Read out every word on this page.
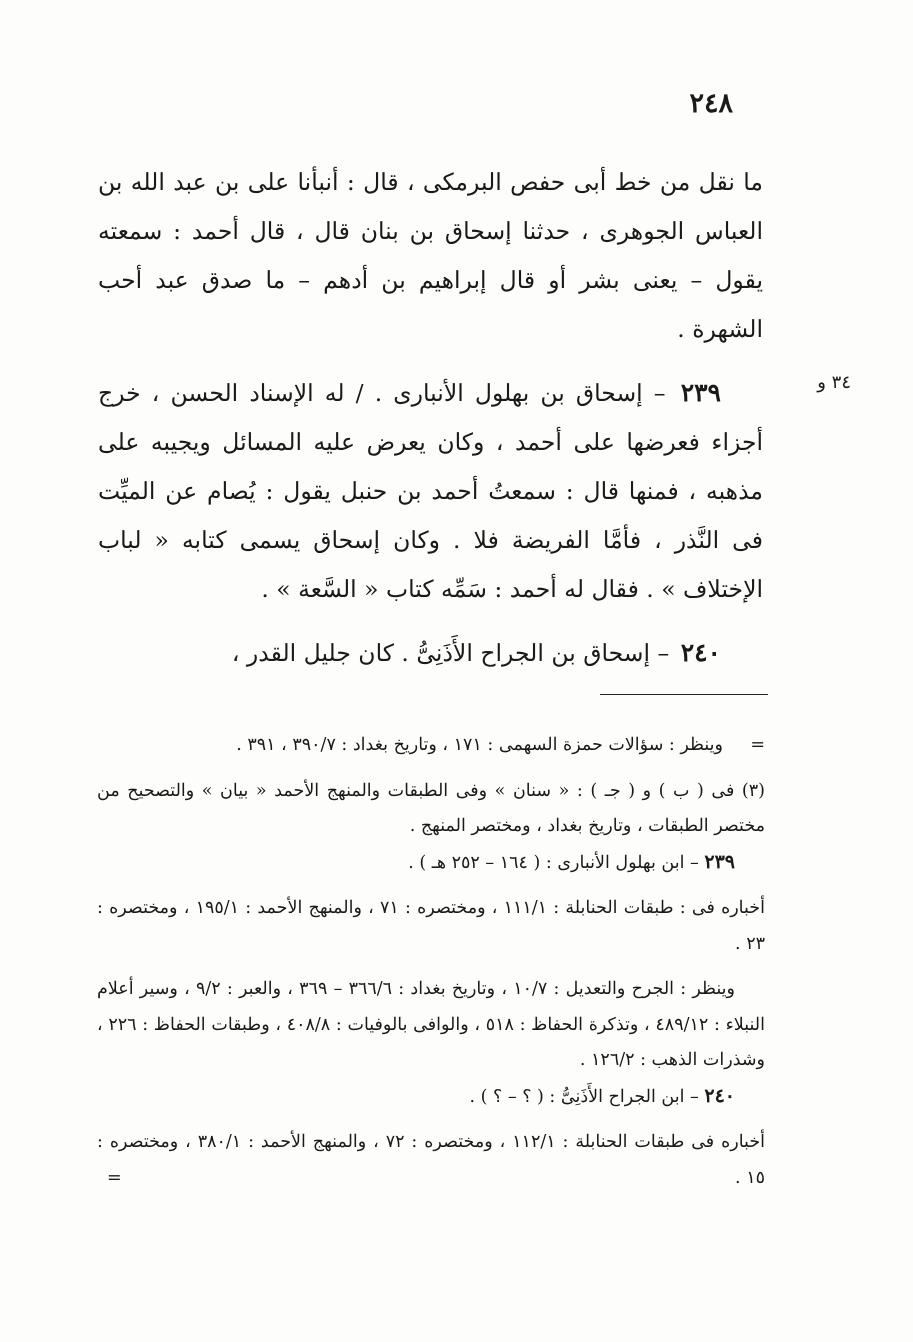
٢٤٨
٣٤ و

ما نقل من خط أبى حفص البرمكى ، قال : أنبأنا على بن عبد الله بن العباس الجوهرى ، حدثنا إسحاق بن بنان قال ، قال أحمد : سمعته يقول – يعنى بشر أو قال إبراهيم بن أدهم – ما صدق عبد أحب الشهرة .

٢٣٩ – إسحاق بن بهلول الأنبارى . / له الإسناد الحسن ، خرج أجزاء فعرضها على أحمد ، وكان يعرض عليه المسائل ويجيبه على مذهبه ، فمنها قال : سمعتُ أحمد بن حنبل يقول : يُصام عن الميِّت فى النَّذر ، فأمَّا الفريضة فلا . وكان إسحاق يسمى كتابه « لباب الإختلاف » . فقال له أحمد : سَمِّه كتاب « السَّعة » .

٢٤٠ – إسحاق بن الجراح الأَذَنِىُّ . كان جليل القدر ،

=وينظر : سؤالات حمزة السهمى : ١٧١ ، وتاريخ بغداد : ٣٩٠/٧ ، ٣٩١ .

(٣) فى ( ب ) و ( جـ ) : « سنان » وفى الطبقات والمنهج الأحمد « بيان » والتصحيح من مختصر الطبقات ، وتاريخ بغداد ، ومختصر المنهج .

٢٣٩ – ابن بهلول الأنبارى : ( ١٦٤ – ٢٥٢ هـ ) .

أخباره فى : طبقات الحنابلة : ١١١/١ ، ومختصره : ٧١ ، والمنهج الأحمد : ١٩٥/١ ، ومختصره : ٢٣ .

وينظر : الجرح والتعديل : ١٠/٧ ، وتاريخ بغداد : ٣٦٦/٦ – ٣٦٩ ، والعبر : ٩/٢ ، وسير أعلام النبلاء : ٤٨٩/١٢ ، وتذكرة الحفاظ : ٥١٨ ، والوافى بالوفيات : ٤٠٨/٨ ، وطبقات الحفاظ : ٢٢٦ ، وشذرات الذهب : ١٢٦/٢ .

٢٤٠ – ابن الجراح الأَذَنِىُّ : ( ؟ – ؟ ) .

أخباره فى طبقات الحنابلة : ١١٢/١ ، ومختصره : ٧٢ ، والمنهج الأحمد : ٣٨٠/١ ، ومختصره : ١٥ .
=
